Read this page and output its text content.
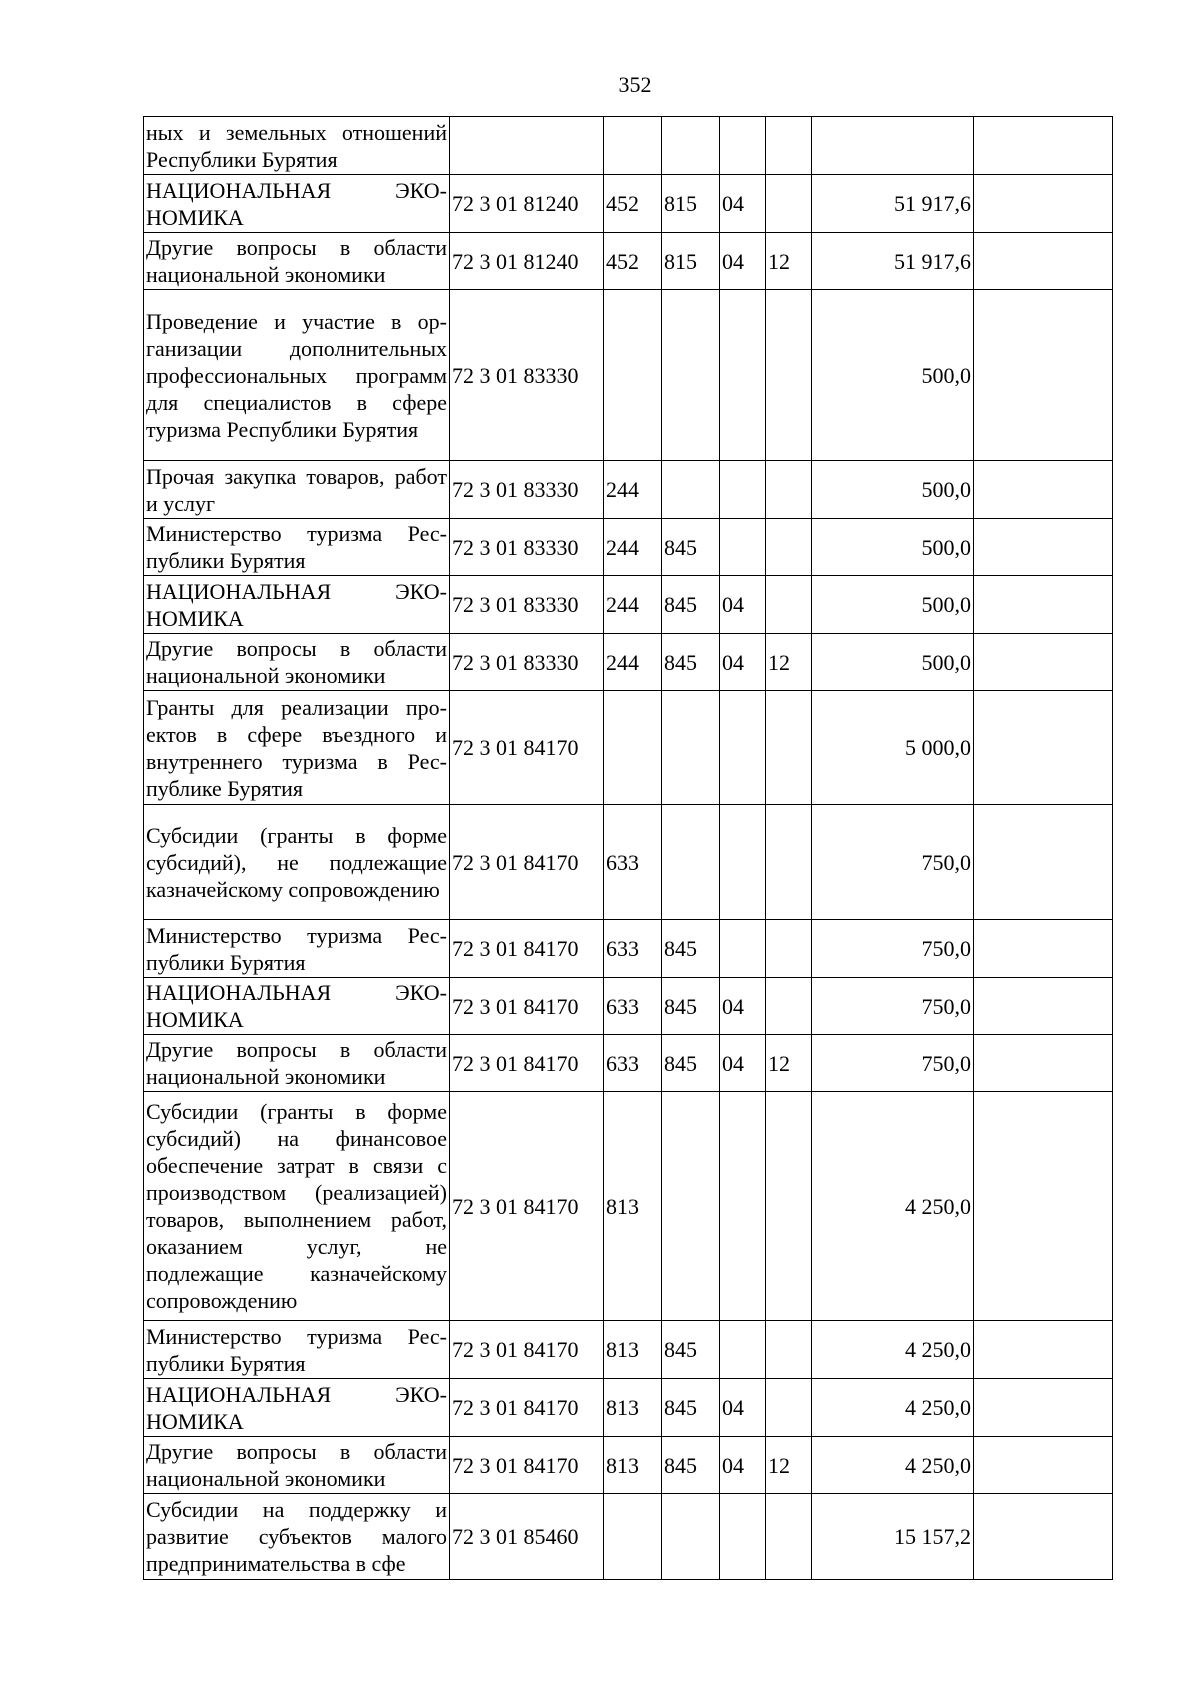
352
ных и земельных отношений Республики Бурятия							
НАЦИОНАЛЬНАЯ ЭКОНОМИКА	72 3 01 81240	452	815	04		51 917,6	
Другие вопросы в области национальной экономики	72 3 01 81240	452	815	04	12	51 917,6	
Проведение и участие в организации дополнительных профессиональных программ для специалистов в сфере туризма Республики Бурятия	72 3 01 83330					500,0	
Прочая закупка товаров, работ и услуг	72 3 01 83330	244				500,0	
Министерство туризма Республики Бурятия	72 3 01 83330	244	845			500,0	
НАЦИОНАЛЬНАЯ ЭКОНОМИКА	72 3 01 83330	244	845	04		500,0	
Другие вопросы в области национальной экономики	72 3 01 83330	244	845	04	12	500,0	
Гранты для реализации проектов в сфере въездного и внутреннего туризма в Республике Бурятия	72 3 01 84170					5 000,0	
Субсидии (гранты в форме субсидий), не подлежащие казначейскому сопровождению	72 3 01 84170	633				750,0	
Министерство туризма Республики Бурятия	72 3 01 84170	633	845			750,0	
НАЦИОНАЛЬНАЯ ЭКОНОМИКА	72 3 01 84170	633	845	04		750,0	
Другие вопросы в области национальной экономики	72 3 01 84170	633	845	04	12	750,0	
Субсидии (гранты в форме субсидий) на финансовое обеспечение затрат в связи с производством (реализацией) товаров, выполнением работ, оказанием услуг, не подлежащие казначейскому сопровождению	72 3 01 84170	813				4 250,0	
Министерство туризма Республики Бурятия	72 3 01 84170	813	845			4 250,0	
НАЦИОНАЛЬНАЯ ЭКОНОМИКА	72 3 01 84170	813	845	04		4 250,0	
Другие вопросы в области национальной экономики	72 3 01 84170	813	845	04	12	4 250,0	
Субсидии на поддержку и развитие субъектов малого предпринимательства в сфе	72 3 01 85460					15 157,2	
